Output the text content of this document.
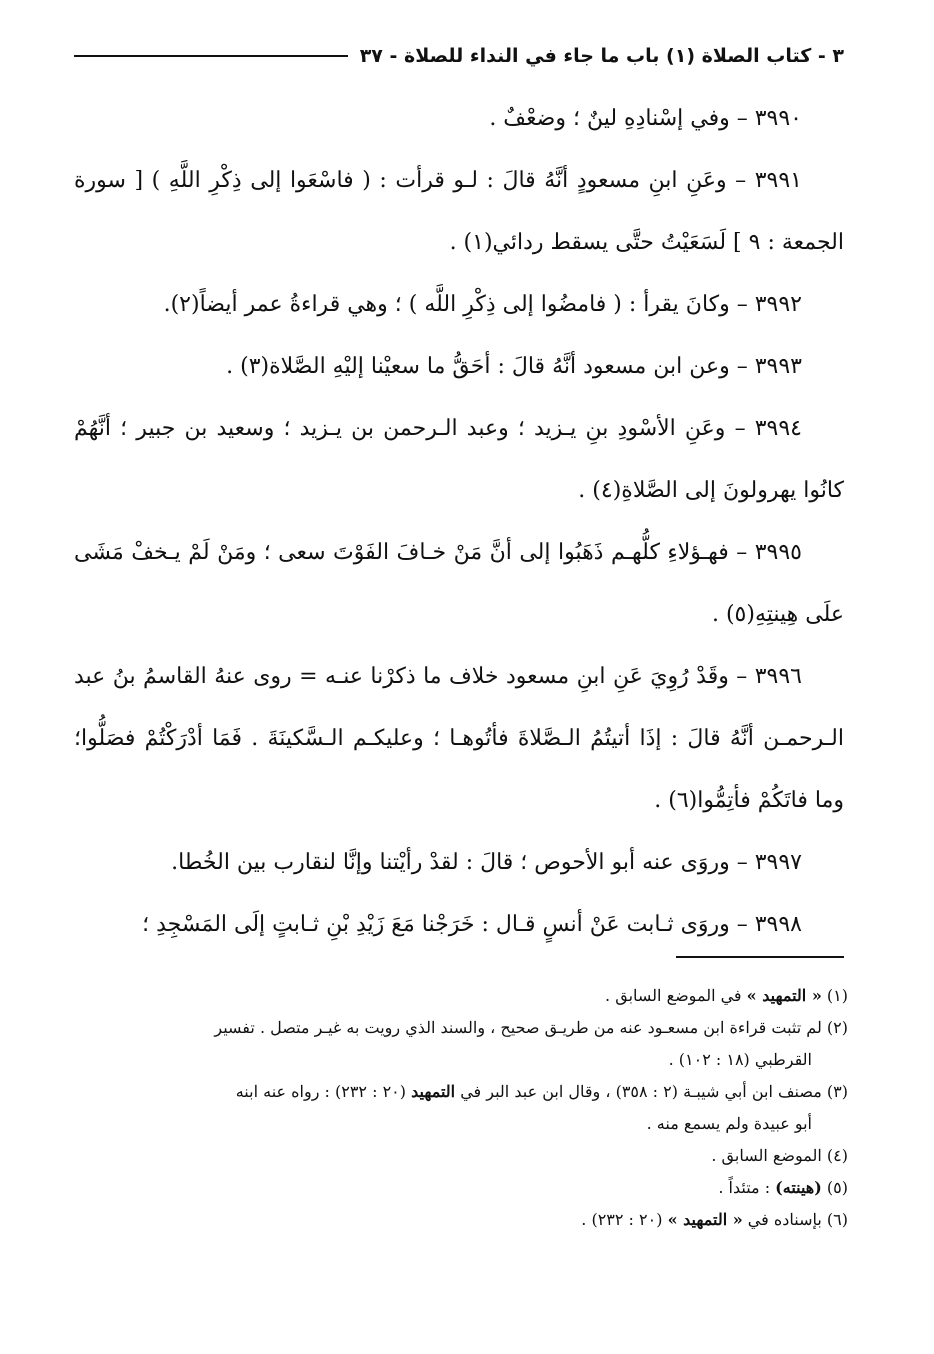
٣ - كتاب الصلاة (١) باب ما جاء في النداء للصلاة - ٣٧

٣٩٩٠ – وفي إسْنادِهِ لينٌ ؛ وضعْفٌ .

٣٩٩١ – وعَنِ ابنِ مسعودٍ أنَّهُ قالَ : لـو قرأت : ( فاسْعَوا إلى ذِكْرِ اللَّهِ ) [ سورة الجمعة : ٩ ] لَسَعَيْتُ حتَّى يسقط ردائي(١) .

٣٩٩٢ – وكانَ يقرأ : ( فامضُوا إلى ذِكْرِ اللَّه ) ؛ وهي قراءةُ عمر أيضاً(٢).

٣٩٩٣ – وعن ابن مسعود أنَّهُ قالَ : أحَقُّ ما سعيْنا إليْهِ الصَّلاة(٣) .

٣٩٩٤ – وعَنِ الأسْودِ بنِ يـزيد ؛ وعبد الـرحمن بن يـزيد ؛ وسعيد بن جبير ؛ أنَّهُمْ كانُوا يهرولونَ إلى الصَّلاةِ(٤) .

٣٩٩٥ – فهـؤلاءِ كلُّهـم ذَهَبُوا إلى أنَّ مَنْ خـافَ الفَوْتَ سعى ؛ ومَنْ لَمْ يـخفْ مَشَى علَى هِينتِهِ(٥) .

٣٩٩٦ – وقَدْ رُوِيَ عَنِ ابنِ مسعود خلاف ما ذكرْنا عنـه = روى عنهُ القاسمُ بنُ عبد الـرحمـن أنَّهُ قالَ : إذَا أتيتُمُ الـصَّلاةَ فأتُوهـا ؛ وعليكـم الـسَّكينَةَ . فَمَا أدْرَكْتُمْ فصَلُّوا؛ وما فاتَكُمْ فأتِمُّوا(٦) .

٣٩٩٧ – وروَى عنه أبو الأحوص ؛ قالَ : لقدْ رأيْتنا وإنَّا لنقارب بين الخُطا.

٣٩٩٨ – وروَى ثـابت عَنْ أنسٍ قـال : خَرَجْنا مَعَ زَيْدِ بْنِ ثـابتٍ إلَى المَسْجِدِ ؛

(١) « التمهيد » في الموضع السابق .

(٢) لم تثبت قراءة ابن مسعـود عنه من طريـق صحيح ، والسند الذي رويت به غيـر متصل . تفسير
القرطبي (١٨ : ١٠٢) .

(٣) مصنف ابن أبي شيبـة (٢ : ٣٥٨) ، وقال ابن عبد البر في التمهيد (٢٠ : ٢٣٢) : رواه عنه ابنه
أبو عبيدة ولم يسمع منه .

(٤) الموضع السابق .

(٥) (هينته) : متئداً .

(٦) بإسناده في « التمهيد » (٢٠ : ٢٣٢) .
